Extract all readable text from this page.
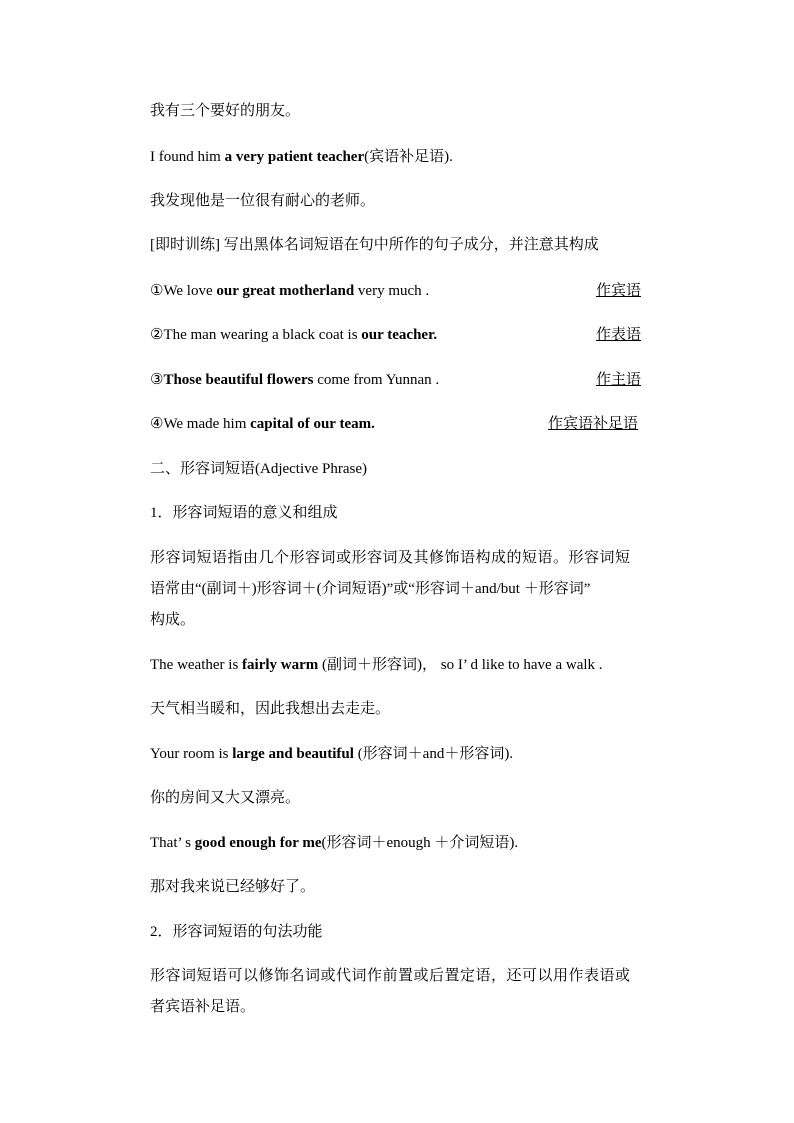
我有三个要好的朋友。
I found him a very patient teacher(宾语补足语).
我发现他是一位很有耐心的老师。
[即时训练] 写出黑体名词短语在句中所作的句子成分，并注意其构成
①We love our great motherland very much .	作宾语
②The man wearing a black coat is our teacher.	作表语
③Those beautiful flowers come from Yunnan .	作主语
④We made him capital of our team.	作宾语补足语
二、形容词短语(Adjective Phrase)
1．形容词短语的意义和组成
形容词短语指由几个形容词或形容词及其修饰语构成的短语。形容词短
语常由“(副词＋)形容词＋(介词短语)”或“形容词＋and/but ＋形容词”
构成。
The weather is fairly warm (副词＋形容词)， so I’ d like to have a walk .
天气相当暖和，因此我想出去走走。
Your room is large and beautiful (形容词＋and＋形容词).
你的房间又大又漂亮。
That’ s good enough for me(形容词＋enough ＋介词短语).
那对我来说已经够好了。
2．形容词短语的句法功能
形容词短语可以修饰名词或代词作前置或后置定语，还可以用作表语或
者宾语补足语。
